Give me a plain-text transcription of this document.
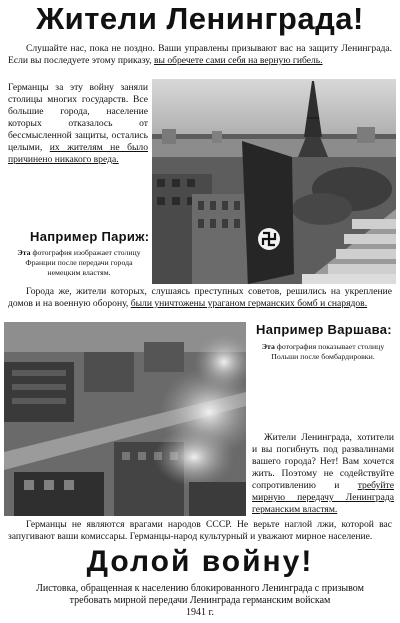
Жители Ленинграда!

Слушайте нас, пока не поздно. Ваши управлены призывают вас на защиту Ленинграда. Если вы последуете этому приказу, вы обречете сами себя на верную гибель.

Германцы за эту войну заняли столицы многих государств. Все большие города, население которых отказалось от бессмысленной защиты, остались целыми, их жителям не было причинено никакого вреда.

Например Париж:

Эта фотография изображает столицу Франции после передачи города немецким властям.

Города же, жители которых, слушаясь преступных советов, решились на укрепление домов и на военную оборону, были уничтожены ураганом германских бомб и снарядов.

Например Варшава:

Эта фотография показывает столицу Польши после бомбардировки.

Жители Ленинграда, хотители и вы погибнуть под развалинами вашего города? Нет! Вам хочется жить. Поэтому не содействуйте сопротивлению и требуйте мирную передачу Ленинграда германским властям.

Германцы не являются врагами народов СССР. Не верьте наглой лжи, которой вас запугивают ваши комиссары. Германцы-народ культурный и уважают мирное население.

Долой войну!
Листовка, обращенная к населению блокированного Ленинграда с призывом
требовать мирной передачи Ленинграда германским войскам
1941 г.
